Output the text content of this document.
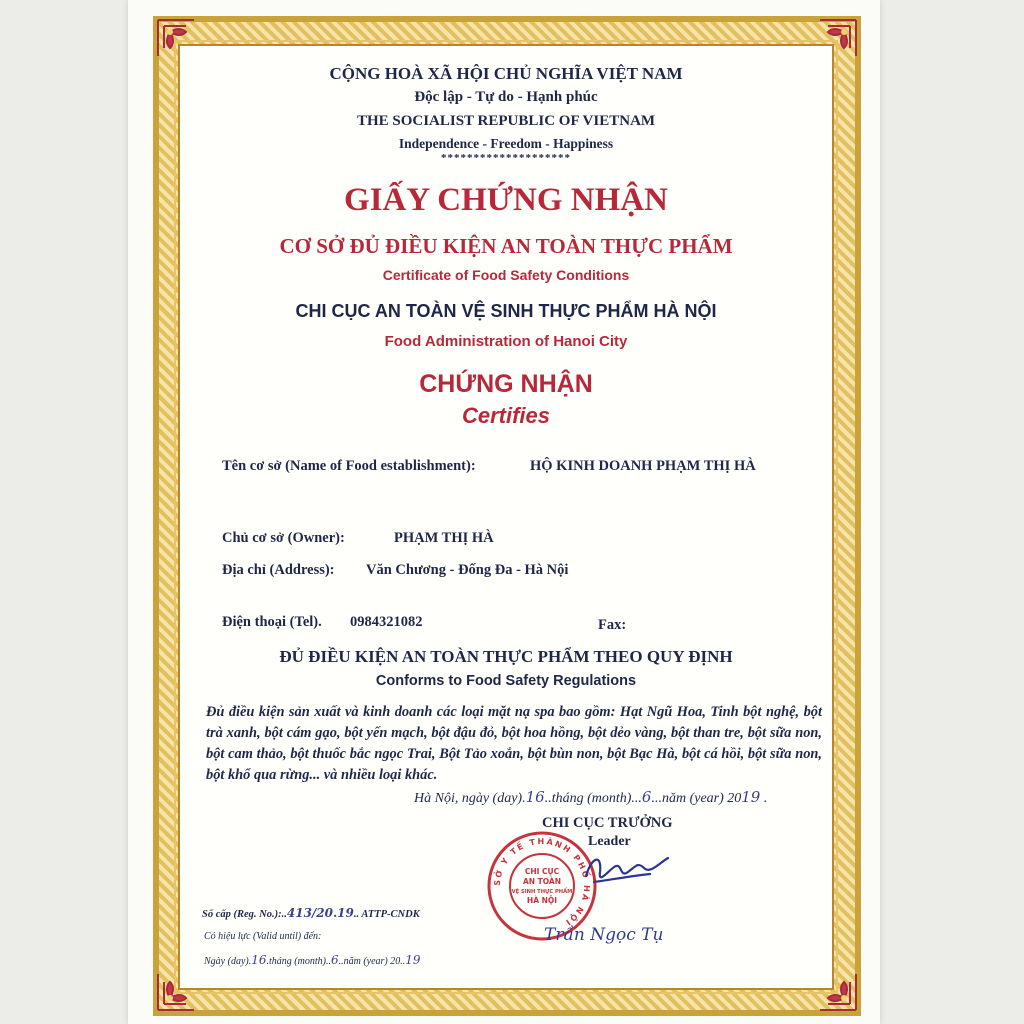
CỘNG HOÀ XÃ HỘI CHỦ NGHĨA VIỆT NAM
Độc lập - Tự do - Hạnh phúc
THE SOCIALIST REPUBLIC OF VIETNAM
Independence - Freedom - Happiness
********************
GIẤY CHỨNG NHẬN
CƠ SỞ ĐỦ ĐIỀU KIỆN AN TOÀN THỰC PHẨM
Certificate of Food Safety Conditions
CHI CỤC AN TOÀN VỆ SINH THỰC PHẨM HÀ NỘI
Food Administration of Hanoi City
CHỨNG NHẬN
Certifies
Tên cơ sở (Name of Food establishment):	HỘ KINH DOANH PHẠM THỊ HÀ
Chủ cơ sở (Owner):	PHẠM THỊ HÀ
Địa chỉ (Address): Văn Chương - Đống Đa - Hà Nội
Điện thoại (Tel). 0984321082	Fax:
ĐỦ ĐIỀU KIỆN AN TOÀN THỰC PHẨM THEO QUY ĐỊNH
Conforms to Food Safety Regulations
Đủ điều kiện sản xuất và kinh doanh các loại mặt nạ spa bao gồm: Hạt Ngũ Hoa, Tinh bột nghệ, bột trà xanh, bột cám gạo, bột yến mạch, bột đậu đỏ, bột hoa hồng, bột dẻo vàng, bột than tre, bột sữa non, bột cam thảo, bột thuốc bắc ngọc Trai, Bột Tảo xoắn, bột bùn non, bột Bạc Hà, bột cá hồi, bột sữa non, bột khổ qua rừng... và nhiều loại khác.
Hà Nội, ngày (day).16..tháng (month)...6...năm (year) 2019 .
CHI CỤC TRƯỞNG
Leader
SỞ Y TẾ THÀNH PHỐ HÀ NỘI
CHI CỤC
AN TOÀN
VỆ SINH THỰC PHẨM
HÀ NỘI
Trần Ngọc Tụ
Số cấp (Reg. No.):..413/20.19.. ATTP-CNDK
Có hiệu lực (Valid until) đến:
Ngày (day).16.tháng (month)..6..năm (year) 20..19
